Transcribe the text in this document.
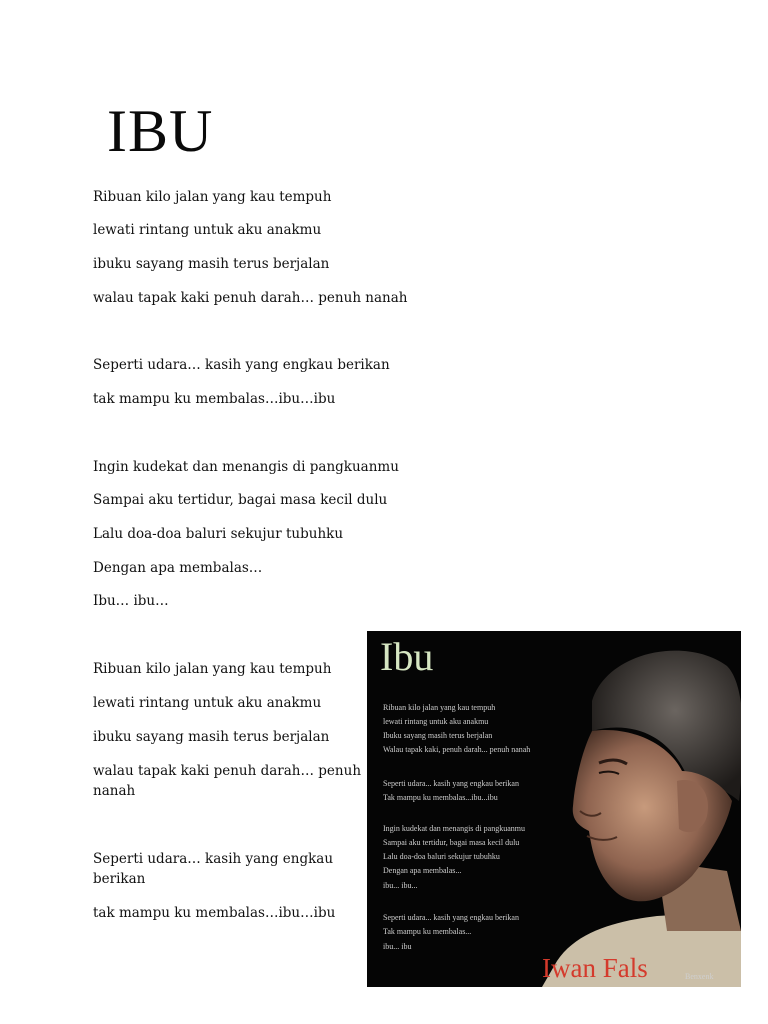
IBU
Ribuan kilo jalan yang kau tempuh
lewati rintang untuk aku anakmu
ibuku sayang masih terus berjalan
walau tapak kaki penuh darah… penuh nanah
Seperti udara… kasih yang engkau berikan
tak mampu ku membalas…ibu…ibu
Ingin kudekat dan menangis di pangkuanmu
Sampai aku tertidur, bagai masa kecil dulu
Lalu doa-doa baluri sekujur tubuhku
Dengan apa membalas…
Ibu… ibu…
Ribuan kilo jalan yang kau tempuh
lewati rintang untuk aku anakmu
ibuku sayang masih terus berjalan
walau tapak kaki penuh darah… penuh nanah
Seperti udara… kasih yang engkau berikan
tak mampu ku membalas…ibu…ibu
Ibu
Ribuan kilo jalan yang kau tempuh
lewati rintang untuk aku anakmu
Ibuku sayang masih terus berjalan
Walau tapak kaki, penuh darah... penuh nanah
Seperti udara... kasih yang engkau berikan
Tak mampu ku membalas...ibu...ibu
Ingin kudekat dan menangis di pangkuanmu
Sampai aku tertidur, bagai masa kecil dulu
Lalu doa-doa baluri sekujur tubuhku
Dengan apa membalas...
ibu... ibu...
Seperti udara... kasih yang engkau berikan
Tak mampu ku membalas...
ibu... ibu
Iwan Fals	Benxenk
